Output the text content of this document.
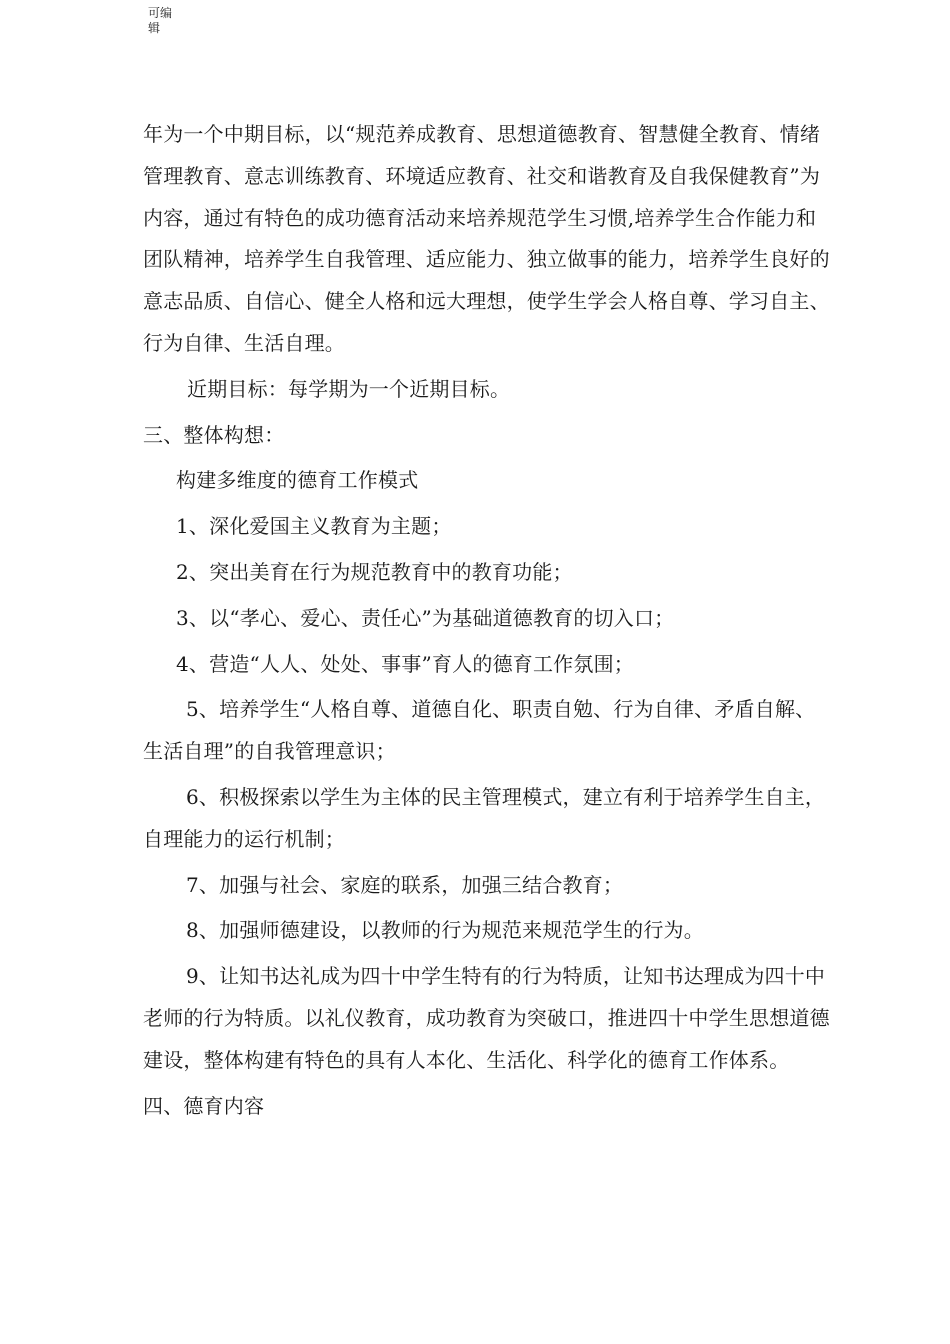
可编辑

年为一个中期目标，以“规范养成教育、思想道德教育、智慧健全教育、情绪管理教育、意志训练教育、环境适应教育、社交和谐教育及自我保健教育”为内容，通过有特色的成功德育活动来培养规范学生习惯,培养学生合作能力和团队精神，培养学生自我管理、适应能力、独立做事的能力，培养学生良好的意志品质、自信心、健全人格和远大理想，使学生学会人格自尊、学习自主、行为自律、生活自理。

近期目标：每学期为一个近期目标。

三、整体构想：

构建多维度的德育工作模式

1、深化爱国主义教育为主题；

2、突出美育在行为规范教育中的教育功能；

3、以“孝心、爱心、责任心”为基础道德教育的切入口；

4、营造“人人、处处、事事”育人的德育工作氛围；

5、培养学生“人格自尊、道德自化、职责自勉、行为自律、矛盾自解、生活自理”的自我管理意识；

6、积极探索以学生为主体的民主管理模式，建立有利于培养学生自主，自理能力的运行机制；

7、加强与社会、家庭的联系，加强三结合教育；

8、加强师德建设，以教师的行为规范来规范学生的行为。

9、让知书达礼成为四十中学生特有的行为特质，让知书达理成为四十中老师的行为特质。以礼仪教育，成功教育为突破口，推进四十中学生思想道德建设，整体构建有特色的具有人本化、生活化、科学化的德育工作体系。

四、德育内容
